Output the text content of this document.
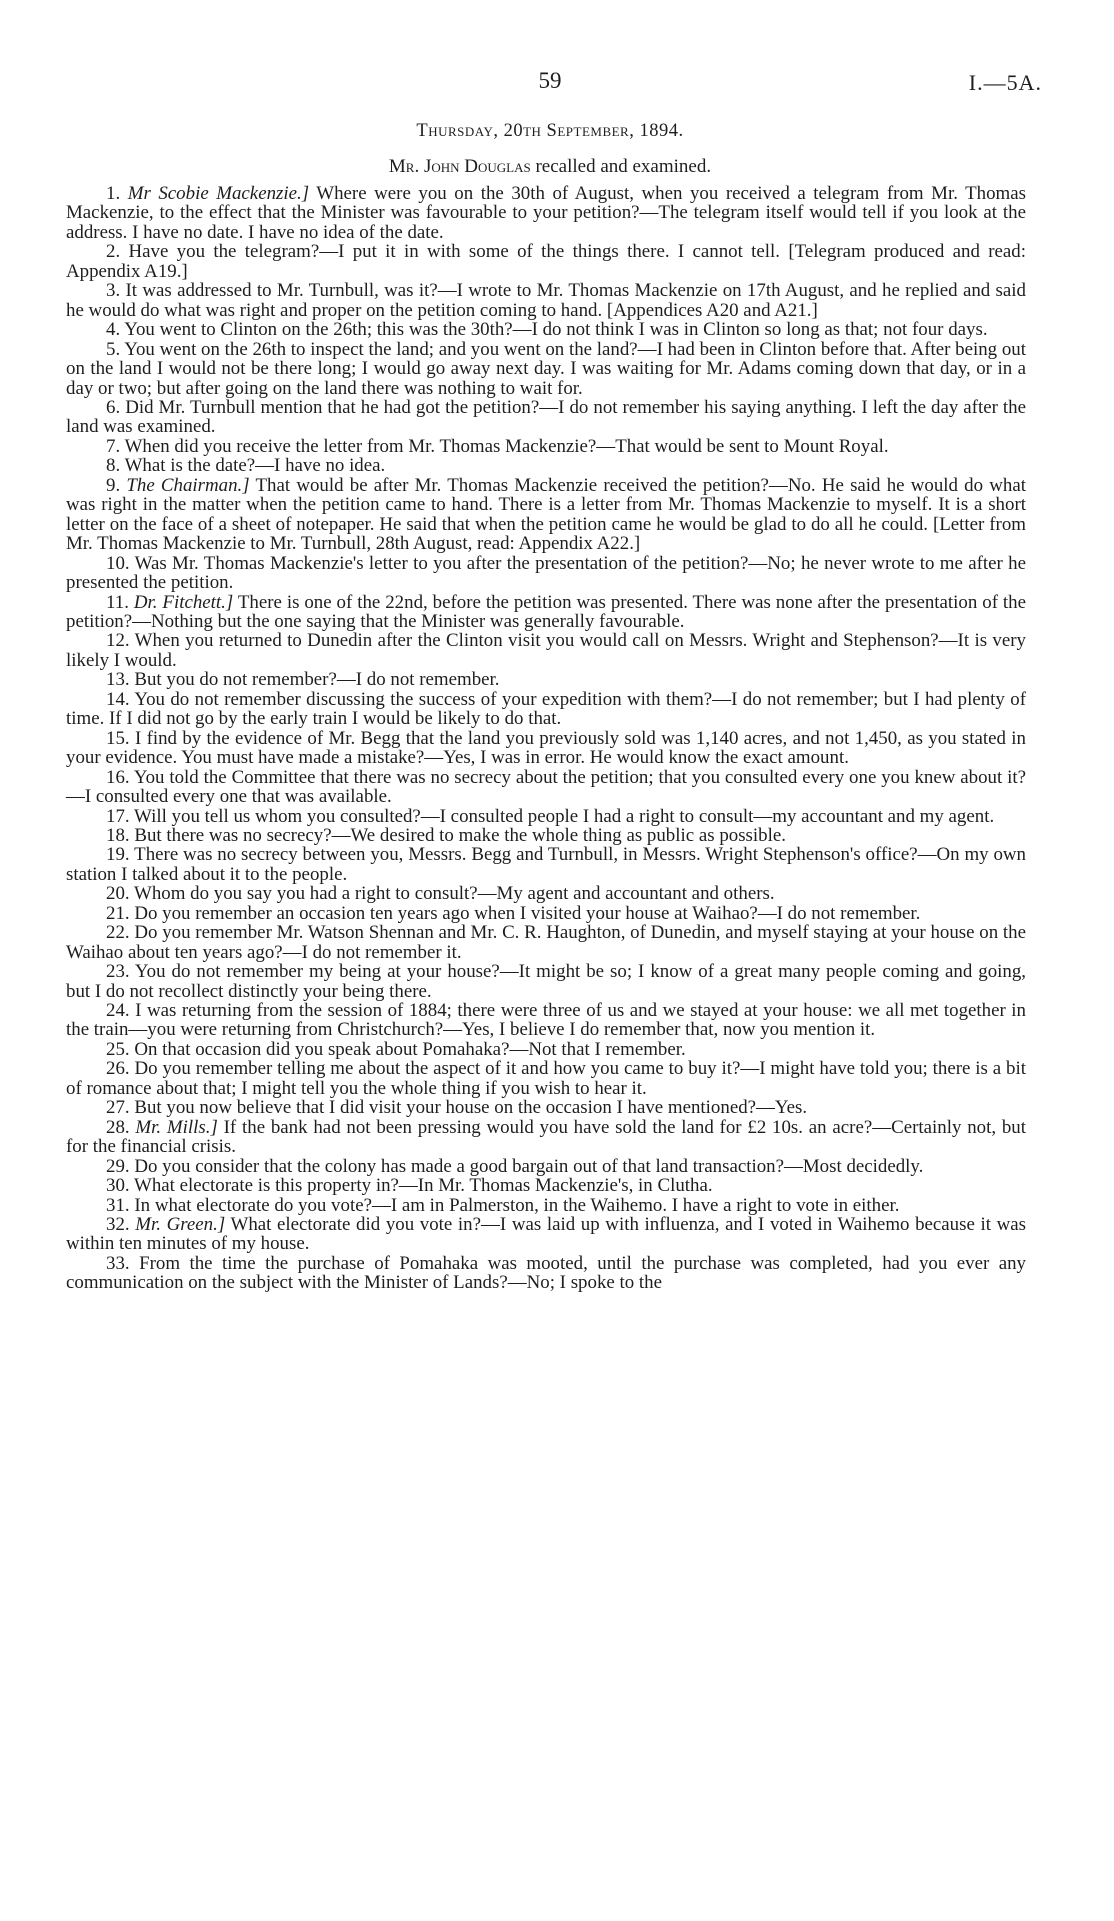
59	I.—5A.
Thursday, 20th September, 1894.
Mr. John Douglas recalled and examined.

1. Mr Scobie Mackenzie.] Where were you on the 30th of August, when you received a telegram from Mr. Thomas Mackenzie, to the effect that the Minister was favourable to your petition?—The telegram itself would tell if you look at the address. I have no date. I have no idea of the date.

2. Have you the telegram?—I put it in with some of the things there. I cannot tell. [Telegram produced and read: Appendix A19.]

3. It was addressed to Mr. Turnbull, was it?—I wrote to Mr. Thomas Mackenzie on 17th August, and he replied and said he would do what was right and proper on the petition coming to hand. [Appendices A20 and A21.]

4. You went to Clinton on the 26th; this was the 30th?—I do not think I was in Clinton so long as that; not four days.

5. You went on the 26th to inspect the land; and you went on the land?—I had been in Clinton before that. After being out on the land I would not be there long; I would go away next day. I was waiting for Mr. Adams coming down that day, or in a day or two; but after going on the land there was nothing to wait for.

6. Did Mr. Turnbull mention that he had got the petition?—I do not remember his saying anything. I left the day after the land was examined.

7. When did you receive the letter from Mr. Thomas Mackenzie?—That would be sent to Mount Royal.

8. What is the date?—I have no idea.

9. The Chairman.] That would be after Mr. Thomas Mackenzie received the petition?—No. He said he would do what was right in the matter when the petition came to hand. There is a letter from Mr. Thomas Mackenzie to myself. It is a short letter on the face of a sheet of notepaper. He said that when the petition came he would be glad to do all he could. [Letter from Mr. Thomas Mackenzie to Mr. Turnbull, 28th August, read: Appendix A22.]

10. Was Mr. Thomas Mackenzie's letter to you after the presentation of the petition?—No; he never wrote to me after he presented the petition.

11. Dr. Fitchett.] There is one of the 22nd, before the petition was presented. There was none after the presentation of the petition?—Nothing but the one saying that the Minister was generally favourable.

12. When you returned to Dunedin after the Clinton visit you would call on Messrs. Wright and Stephenson?—It is very likely I would.

13. But you do not remember?—I do not remember.

14. You do not remember discussing the success of your expedition with them?—I do not remember; but I had plenty of time. If I did not go by the early train I would be likely to do that.

15. I find by the evidence of Mr. Begg that the land you previously sold was 1,140 acres, and not 1,450, as you stated in your evidence. You must have made a mistake?—Yes, I was in error. He would know the exact amount.

16. You told the Committee that there was no secrecy about the petition; that you consulted every one you knew about it?—I consulted every one that was available.

17. Will you tell us whom you consulted?—I consulted people I had a right to consult—my accountant and my agent.

18. But there was no secrecy?—We desired to make the whole thing as public as possible.

19. There was no secrecy between you, Messrs. Begg and Turnbull, in Messrs. Wright Stephenson's office?—On my own station I talked about it to the people.

20. Whom do you say you had a right to consult?—My agent and accountant and others.

21. Do you remember an occasion ten years ago when I visited your house at Waihao?—I do not remember.

22. Do you remember Mr. Watson Shennan and Mr. C. R. Haughton, of Dunedin, and myself staying at your house on the Waihao about ten years ago?—I do not remember it.

23. You do not remember my being at your house?—It might be so; I know of a great many people coming and going, but I do not recollect distinctly your being there.

24. I was returning from the session of 1884; there were three of us and we stayed at your house: we all met together in the train—you were returning from Christchurch?—Yes, I believe I do remember that, now you mention it.

25. On that occasion did you speak about Pomahaka?—Not that I remember.

26. Do you remember telling me about the aspect of it and how you came to buy it?—I might have told you; there is a bit of romance about that; I might tell you the whole thing if you wish to hear it.

27. But you now believe that I did visit your house on the occasion I have mentioned?—Yes.

28. Mr. Mills.] If the bank had not been pressing would you have sold the land for £2 10s. an acre?—Certainly not, but for the financial crisis.

29. Do you consider that the colony has made a good bargain out of that land transaction?—Most decidedly.

30. What electorate is this property in?—In Mr. Thomas Mackenzie's, in Clutha.

31. In what electorate do you vote?—I am in Palmerston, in the Waihemo. I have a right to vote in either.

32. Mr. Green.] What electorate did you vote in?—I was laid up with influenza, and I voted in Waihemo because it was within ten minutes of my house.

33. From the time the purchase of Pomahaka was mooted, until the purchase was completed, had you ever any communication on the subject with the Minister of Lands?—No; I spoke to the
